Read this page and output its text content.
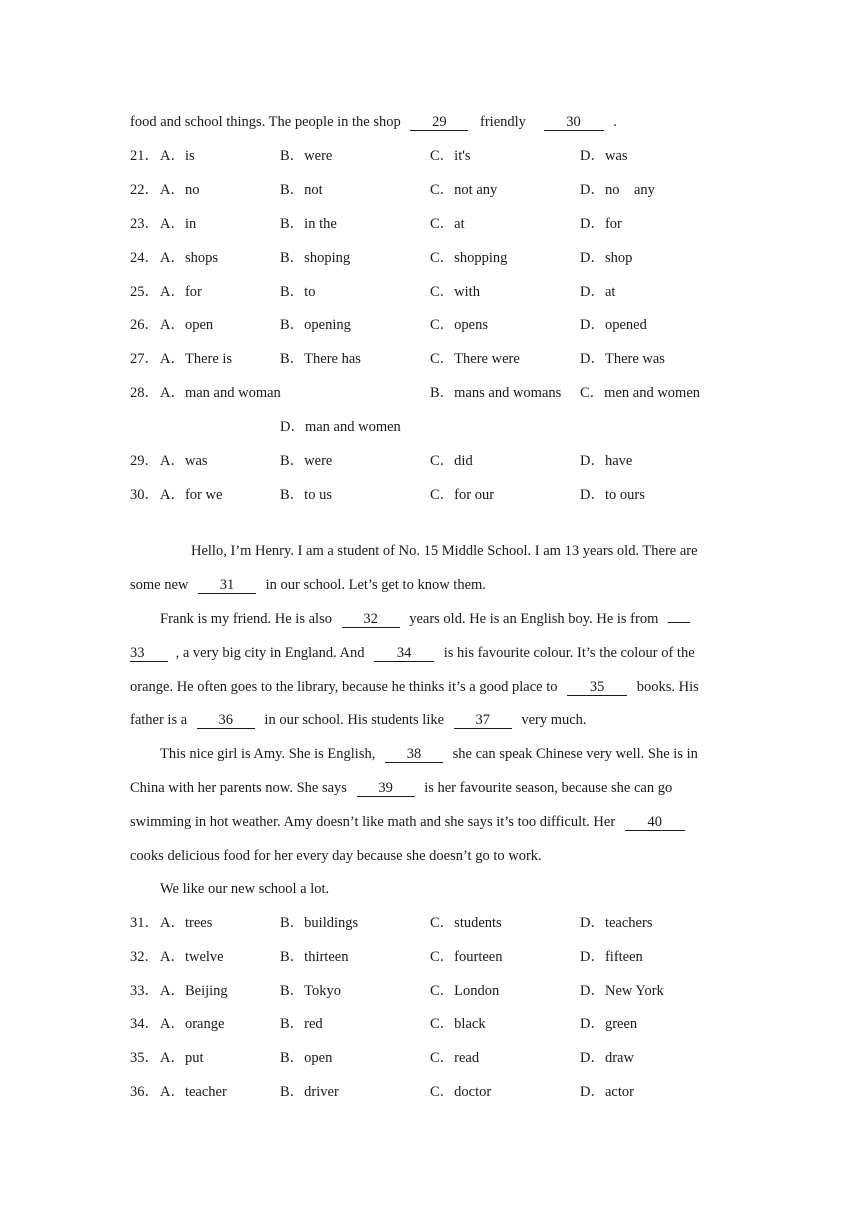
food and school things. The people in the shop 29 friendly	30 .
21． A．is	B．were	C．it's	D．was
22． A．no	B．not	C．not any	D．no    any
23． A．in	B．in the	C．at	D．for
24． A．shops	B．shoping	C．shopping	D．shop
25． A．for	B．to	C．with	D．at
26． A．open	B．opening	C．opens	D．opened
27． A．There is	B．There has	C．There were	D．There was
28． A．man and woman	B．mans and womans C．men and women
D．man and women
29． A．was	B．were	C．did	D．have
30． A．for we	B．to us	C．for our	D．to ours
Hello, I’m Henry. I am a student of No. 15 Middle School. I am 13 years old. There are
some new 31 in our school. Let’s get to know them.
Frank is my friend. He is also 32 years old. He is an English boy. He is from
33 , a very big city in England. And 34 is his favourite colour. It’s the colour of the
orange. He often goes to the library, because he thinks it’s a good place to 35 books. His
father is a 36 in our school. His students like 37 very much.
This nice girl is Amy. She is English, 38 she can speak Chinese very well. She is in
China with her parents now. She says 39 is her favourite season, because she can go
swimming in hot weather. Amy doesn’t like math and she says it’s too difficult. Her 40
cooks delicious food for her every day because she doesn’t go to work.
We like our new school a lot.
31． A．trees	B．buildings	C．students	D．teachers
32． A．twelve	B．thirteen	C．fourteen	D．fifteen
33． A．Beijing	B．Tokyo	C．London	D．New York
34． A．orange	B．red	C．black	D．green
35． A．put	B．open	C．read	D．draw
36． A．teacher	B．driver	C．doctor	D．actor
